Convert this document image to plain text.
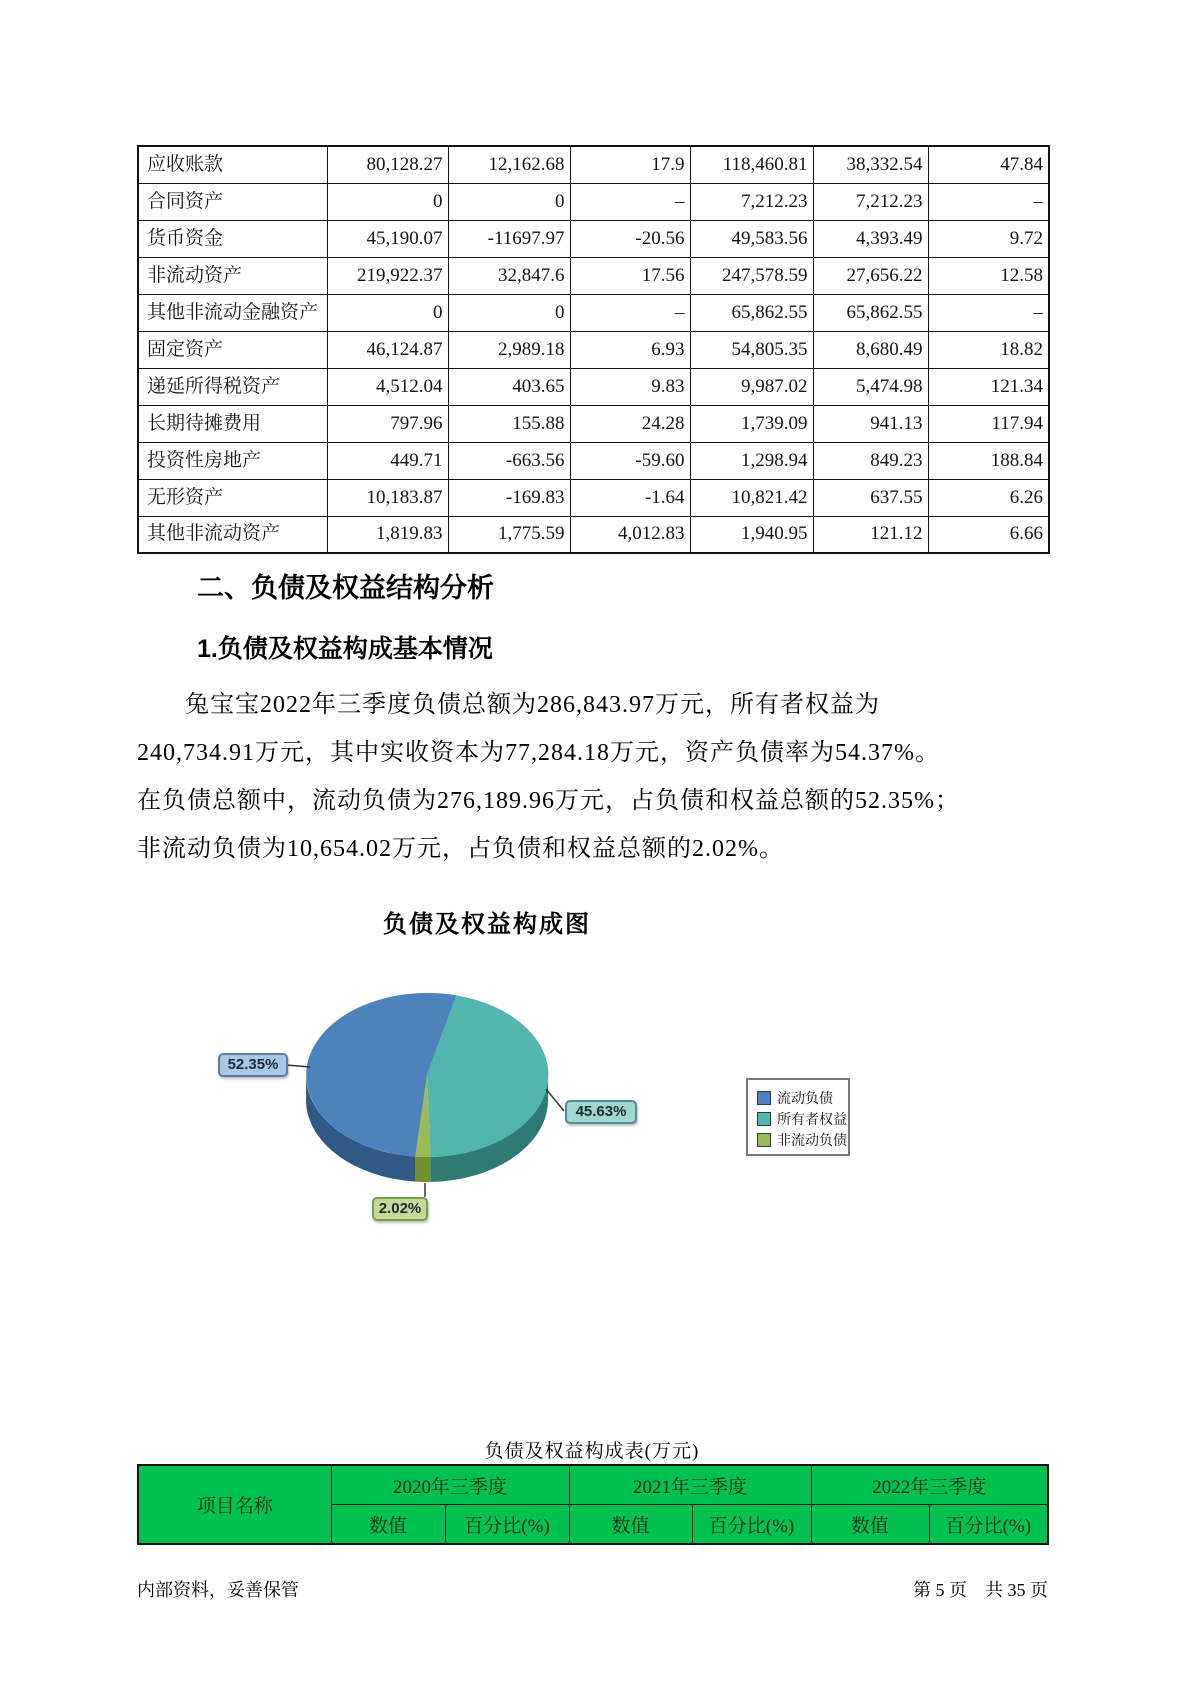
应收账款	80,128.27	12,162.68	17.9	118,460.81	38,332.54	47.84
合同资产	0	0	–	7,212.23	7,212.23	–
货币资金	45,190.07	-11697.97	-20.56	49,583.56	4,393.49	9.72
非流动资产	219,922.37	32,847.6	17.56	247,578.59	27,656.22	12.58
其他非流动金融资产	0	0	–	65,862.55	65,862.55	–
固定资产	46,124.87	2,989.18	6.93	54,805.35	8,680.49	18.82
递延所得税资产	4,512.04	403.65	9.83	9,987.02	5,474.98	121.34
长期待摊费用	797.96	155.88	24.28	1,739.09	941.13	117.94
投资性房地产	449.71	-663.56	-59.60	1,298.94	849.23	188.84
无形资产	10,183.87	-169.83	-1.64	10,821.42	637.55	6.26
其他非流动资产	1,819.83	1,775.59	4,012.83	1,940.95	121.12	6.66
二、负债及权益结构分析
1.负债及权益构成基本情况
兔宝宝2022年三季度负债总额为286,843.97万元，所有者权益为
240,734.91万元，其中实收资本为77,284.18万元，资产负债率为54.37%。
在负债总额中，流动负债为276,189.96万元，占负债和权益总额的52.35%；
非流动负债为10,654.02万元，占负债和权益总额的2.02%。
负债及权益构成图
52.35%
45.63%
2.02%
流动负债
所有者权益
非流动负债
负债及权益构成表(万元)
项目名称	2020年三季度		2021年三季度		2022年三季度	
	数值	百分比(%)	数值	百分比(%)	数值	百分比(%)
内部资料，妥善保管	第 5 页　共 35 页
